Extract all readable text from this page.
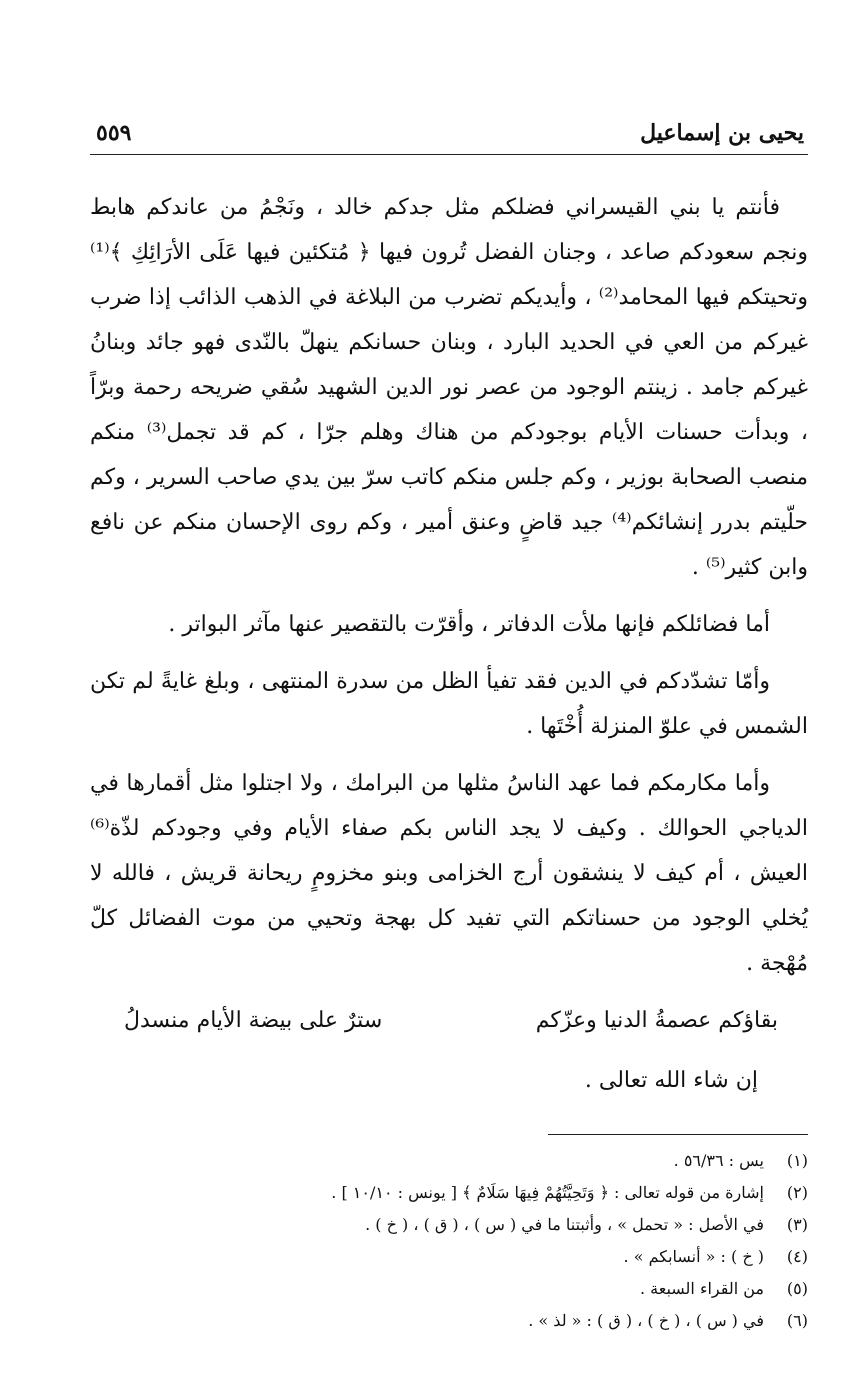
يحيى بن إسماعيل
٥٥٩

فأنتم يا بني القيسراني فضلكم مثل جدكم خالد ، ونَجْمُ من عاندكم هابط ونجم سعودكم صاعد ، وجنان الفضل تُرون فيها ﴿ مُتكئين فيها عَلَى الأرَائِكِ ﴾⁽¹⁾ وتحيتكم فيها المحامد⁽²⁾ ، وأيديكم تضرب من البلاغة في الذهب الذائب إذا ضرب غيركم من العي في الحديد البارد ، وبنان حسانكم ينهلّ بالنّدى فهو جائد وبنانُ غيركم جامد . زينتم الوجود من عصر نور الدين الشهيد سُقي ضريحه رحمة وبرّاً ، وبدأت حسنات الأيام بوجودكم من هناك وهلم جرّا ، كم قد تجمل⁽³⁾ منكم منصب الصحابة بوزير ، وكم جلس منكم كاتب سرّ بين يدي صاحب السرير ، وكم حلّيتم بدرر إنشائكم⁽⁴⁾ جيد قاضٍ وعنق أمير ، وكم روى الإحسان منكم عن نافع وابن كثير⁽⁵⁾ .

أما فضائلكم فإنها ملأت الدفاتر ، وأقرّت بالتقصير عنها مآثر البواتر .

وأمّا تشدّدكم في الدين فقد تفيأ الظل من سدرة المنتهى ، وبلغ غايةً لم تكن الشمس في علوّ المنزلة أُخْتَها .

وأما مكارمكم فما عهد الناسُ مثلها من البرامك ، ولا اجتلوا مثل أقمارها في الدياجي الحوالك . وكيف لا يجد الناس بكم صفاء الأيام وفي وجودكم لذّة⁽⁶⁾ العيش ، أم كيف لا ينشقون أرج الخزامى وبنو مخزومٍ ريحانة قريش ، فالله لا يُخلي الوجود من حسناتكم التي تفيد كل بهجة وتحيي من موت الفضائل كلّ مُهْجة .

بقاؤكم عصمةُ الدنيا وعزّكم
سترٌ على بيضة الأيام منسدلُ
إن شاء الله تعالى .
(١)
يس : ٥٦/٣٦ .
(٢)
إشارة من قوله تعالى : ﴿ وَتَحِيَّتُهُمْ فِيهَا سَلَامٌ ﴾ [ يونس : ١٠/١٠ ] .
(٣)
في الأصل : « تحمل » ، وأثبتنا ما في ( س ) ، ( ق ) ، ( خ ) .
(٤)
( خ ) : « أنسابكم » .
(٥)
من القراء السبعة .
(٦)
في ( س ) ، ( خ ) ، ( ق ) : « لذ » .
